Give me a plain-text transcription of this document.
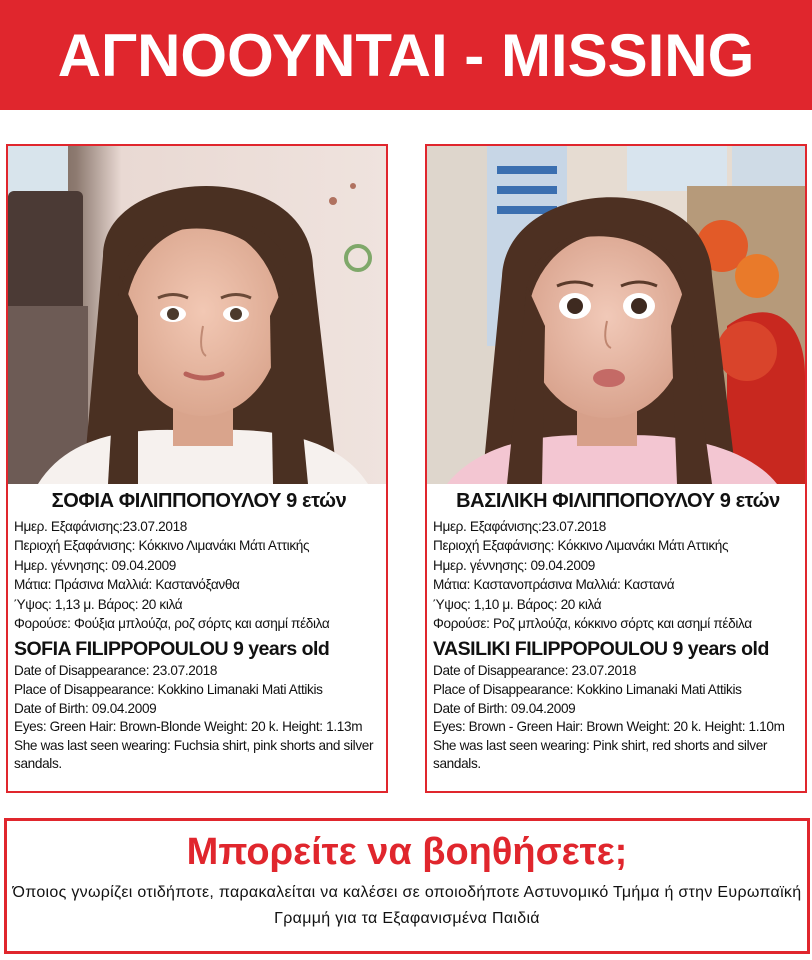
ΑΓΝΟΟΥΝΤΑΙ - MISSING
ΣΟΦΙΑ ΦΙΛΙΠΠΟΠΟΥΛΟΥ 9 ετών
Ημερ. Εξαφάνισης:23.07.2018
Περιοχή Εξαφάνισης: Κόκκινο Λιμανάκι Μάτι Αττικής
Ημερ. γέννησης: 09.04.2009
Μάτια: Πράσινα Μαλλιά: Καστανόξανθα
Ύψος: 1,13 μ. Βάρος: 20 κιλά
Φορούσε: Φούξια μπλούζα, ροζ σόρτς και ασημί πέδιλα
SOFIA FILIPPOPOULOU 9 years old
Date of Disappearance: 23.07.2018
Place of Disappearance: Kokkino Limanaki Mati Attikis
Date of Birth: 09.04.2009
Eyes: Green Hair: Brown-Blonde Weight: 20 k. Height: 1.13m
She was last seen wearing: Fuchsia shirt, pink shorts and silver sandals.
ΒΑΣΙΛΙΚΗ ΦΙΛΙΠΠΟΠΟΥΛΟΥ 9 ετών
Ημερ. Εξαφάνισης:23.07.2018
Περιοχή Εξαφάνισης: Κόκκινο Λιμανάκι Μάτι Αττικής
Ημερ. γέννησης: 09.04.2009
Μάτια: Καστανοπράσινα Μαλλιά: Καστανά
Ύψος: 1,10 μ. Βάρος: 20 κιλά
Φορούσε: Ροζ μπλούζα, κόκκινο σόρτς και ασημί πέδιλα
VASILIKI FILIPPOPOULOU 9 years old
Date of Disappearance: 23.07.2018
Place of Disappearance: Kokkino Limanaki Mati Attikis
Date of Birth: 09.04.2009
Eyes: Brown - Green Hair: Brown Weight: 20 k. Height: 1.10m
She was last seen wearing: Pink shirt, red shorts and silver sandals.
Μπορείτε να βοηθήσετε;

Όποιος γνωρίζει οτιδήποτε, παρακαλείται να καλέσει σε οποιοδήποτε Αστυνομικό Τμήμα ή στην Ευρωπαϊκή Γραμμή για τα Εξαφανισμένα Παιδιά
